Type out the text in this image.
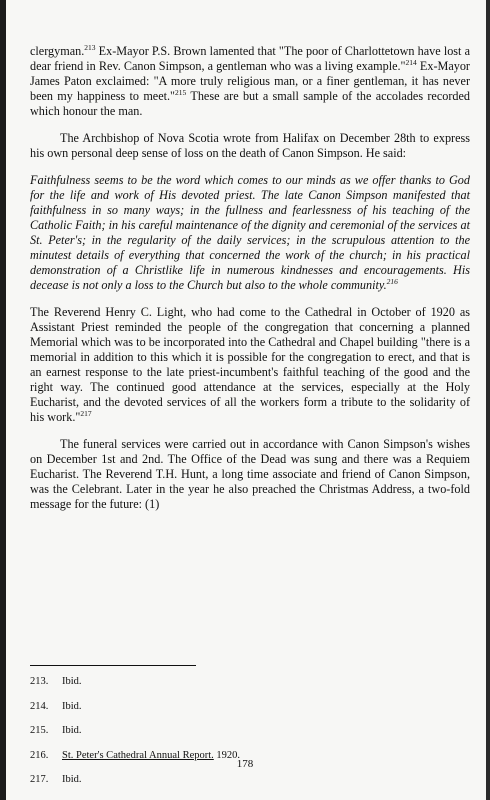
clergyman.$^{213}$ Ex-Mayor P.S. Brown lamented that "The poor of Charlottetown have lost a dear friend in Rev. Canon Simpson, a gentleman who was a living example."$^{214}$ Ex-Mayor James Paton exclaimed: "A more truly religious man, or a finer gentleman, it has never been my happiness to meet."$^{215}$ These are but a small sample of the accolades recorded which honour the man.

The Archbishop of Nova Scotia wrote from Halifax on December 28th to express his own personal deep sense of loss on the death of Canon Simpson. He said:

Faithfulness seems to be the word which comes to our minds as we offer thanks to God for the life and work of His devoted priest. The late Canon Simpson manifested that faithfulness in so many ways; in the fullness and fearlessness of his teaching of the Catholic Faith; in his careful maintenance of the dignity and ceremonial of the services at St. Peter's; in the regularity of the daily services; in the scrupulous attention to the minutest details of everything that concerned the work of the church; in his practical demonstration of a Christlike life in numerous kindnesses and encouragements. His decease is not only a loss to the Church but also to the whole community.$^{216}$

The Reverend Henry C. Light, who had come to the Cathedral in October of 1920 as Assistant Priest reminded the people of the congregation that concerning a planned Memorial which was to be incorporated into the Cathedral and Chapel building "there is a memorial in addition to this which it is possible for the congregation to erect, and that is an earnest response to the late priest-incumbent's faithful teaching of the good and the right way. The continued good attendance at the services, especially at the Holy Eucharist, and the devoted services of all the workers form a tribute to the solidarity of his work."$^{217}$

The funeral services were carried out in accordance with Canon Simpson's wishes on December 1st and 2nd. The Office of the Dead was sung and there was a Requiem Eucharist. The Reverend T.H. Hunt, a long time associate and friend of Canon Simpson, was the Celebrant. Later in the year he also preached the Christmas Address, a two-fold message for the future: (1)

213.	Ibid.
214.	Ibid.
215.	Ibid.
216.	St. Peter's Cathedral Annual Report. 1920.
217.	Ibid.
178
